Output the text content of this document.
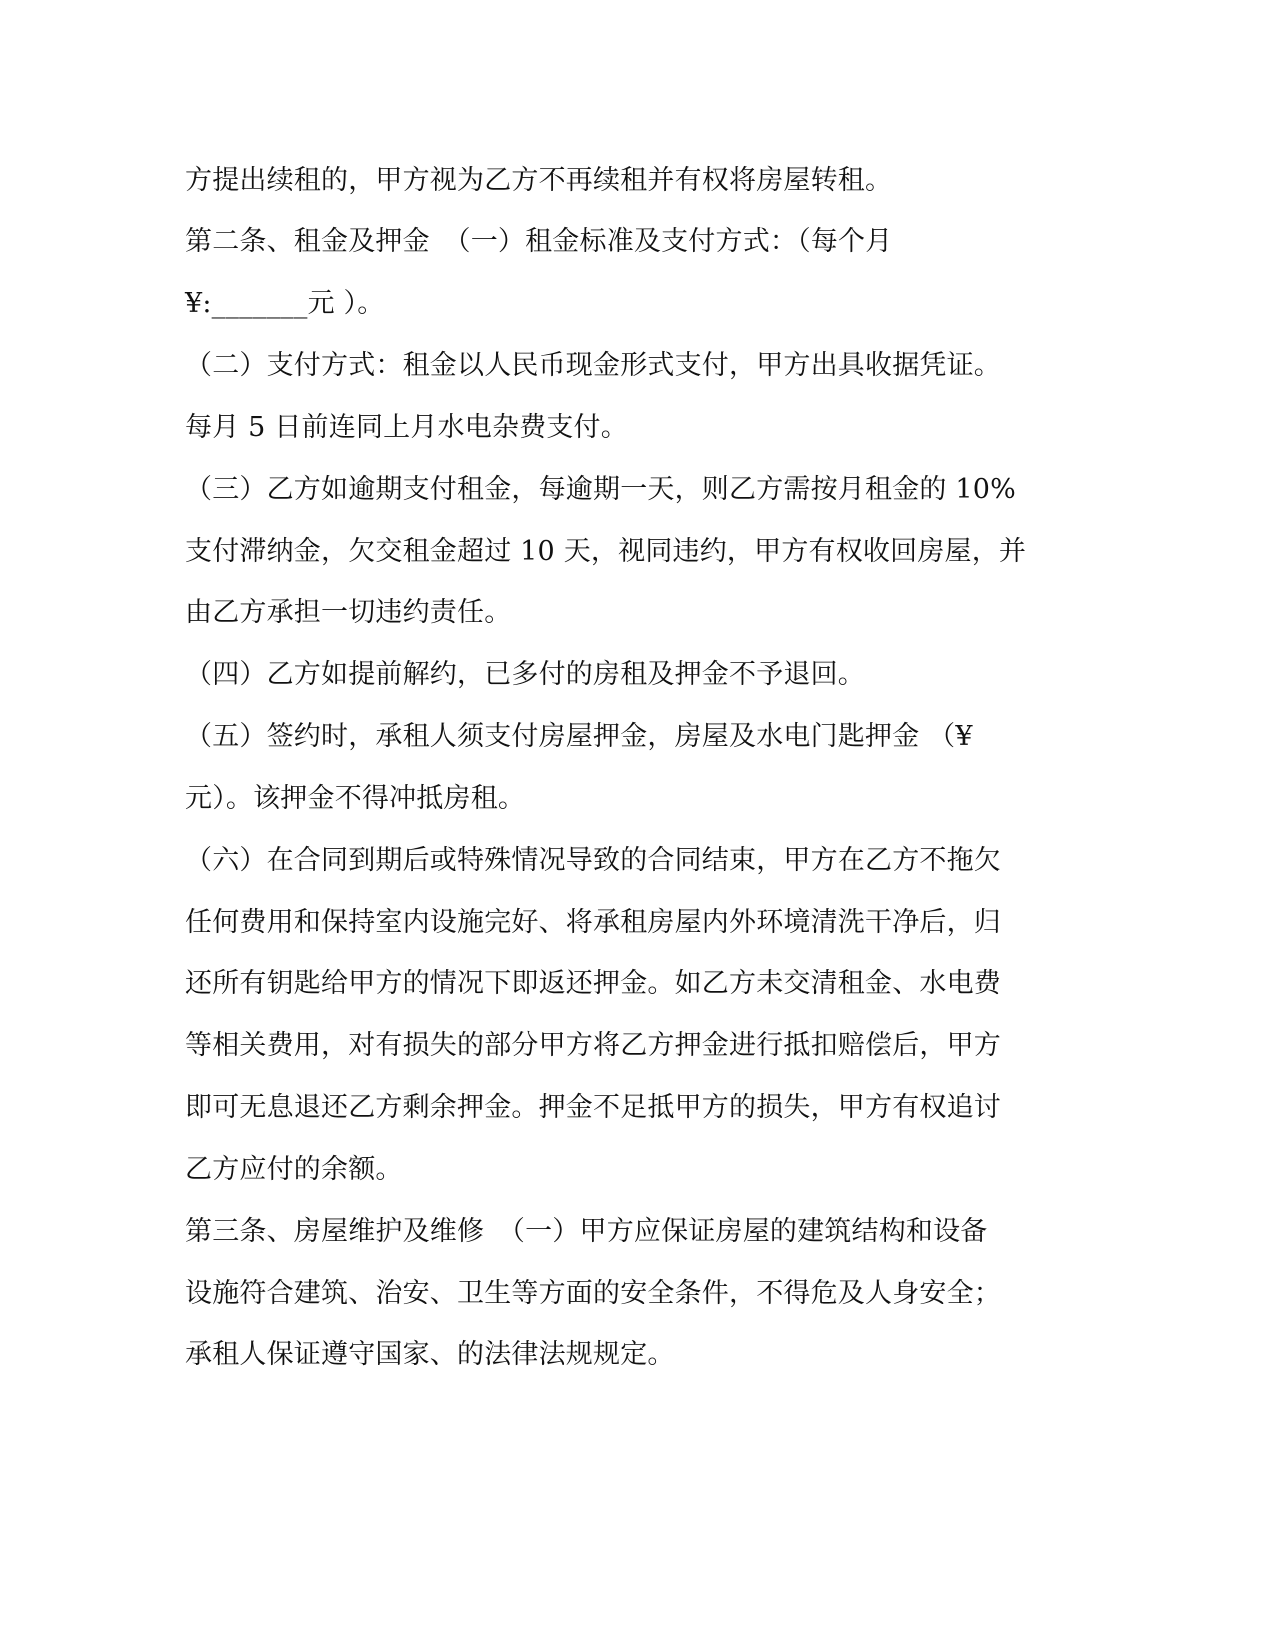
方提出续租的，甲方视为乙方不再续租并有权将房屋转租。

第二条、租金及押金　（一）租金标准及支付方式：（每个月

¥:_______元 ）。

（二）支付方式：租金以人民币现金形式支付，甲方出具收据凭证。

每月 5 日前连同上月水电杂费支付。

（三）乙方如逾期支付租金，每逾期一天，则乙方需按月租金的 10%

支付滞纳金，欠交租金超过 10 天，视同违约，甲方有权收回房屋，并

由乙方承担一切违约责任。

（四）乙方如提前解约，已多付的房租及押金不予退回。

（五）签约时，承租人须支付房屋押金，房屋及水电门匙押金 （¥

元）。该押金不得冲抵房租。

（六）在合同到期后或特殊情况导致的合同结束，甲方在乙方不拖欠

任何费用和保持室内设施完好、将承租房屋内外环境清洗干净后，归

还所有钥匙给甲方的情况下即返还押金。如乙方未交清租金、水电费

等相关费用，对有损失的部分甲方将乙方押金进行抵扣赔偿后，甲方

即可无息退还乙方剩余押金。押金不足抵甲方的损失，甲方有权追讨

乙方应付的余额。

第三条、房屋维护及维修　（一）甲方应保证房屋的建筑结构和设备

设施符合建筑、治安、卫生等方面的安全条件，不得危及人身安全；

承租人保证遵守国家、的法律法规规定。
